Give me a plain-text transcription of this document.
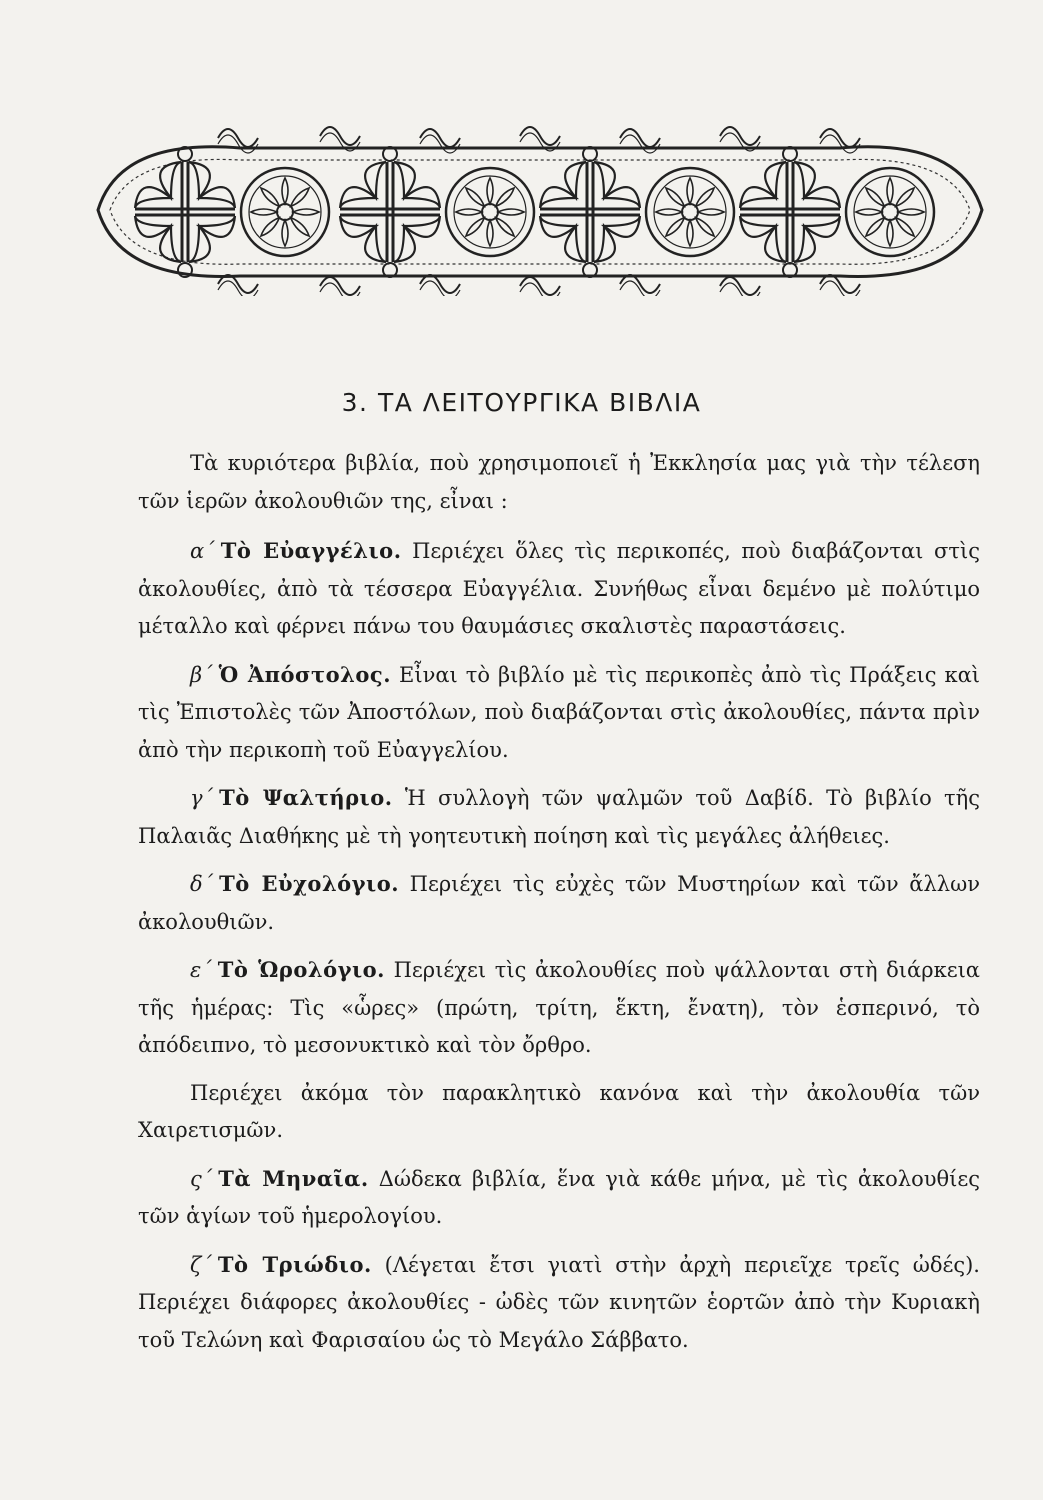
3. ΤΑ ΛΕΙΤΟΥΡΓΙΚΑ ΒΙΒΛΙΑ

Τὰ κυριότερα βιβλία, ποὺ χρησιμοποιεῖ ἡ Ἐκκλησία μας γιὰ τὴν τέλεση τῶν ἱερῶν ἀκολουθιῶν της, εἶναι :

α΄ Τὸ Εὐαγγέλιο. Περιέχει ὅλες τὶς περικοπές, ποὺ διαβάζονται στὶς ἀκολουθίες, ἀπὸ τὰ τέσσερα Εὐαγγέλια. Συνήθως εἶναι δεμένο μὲ πολύτιμο μέταλλο καὶ φέρνει πάνω του θαυμάσιες σκαλιστὲς παραστάσεις.

β΄ Ὁ Ἀπόστολος. Εἶναι τὸ βιβλίο μὲ τὶς περικοπὲς ἀπὸ τὶς Πράξεις καὶ τὶς Ἐπιστολὲς τῶν Ἀποστόλων, ποὺ διαβάζονται στὶς ἀκολουθίες, πάντα πρὶν ἀπὸ τὴν περικοπὴ τοῦ Εὐαγγελίου.

γ΄ Τὸ Ψαλτήριο. Ἡ συλλογὴ τῶν ψαλμῶν τοῦ Δαβίδ. Τὸ βιβλίο τῆς Παλαιᾶς Διαθήκης μὲ τὴ γοητευτικὴ ποίηση καὶ τὶς μεγάλες ἀλήθειες.

δ΄ Τὸ Εὐχολόγιο. Περιέχει τὶς εὐχὲς τῶν Μυστηρίων καὶ τῶν ἄλλων ἀκολουθιῶν.

ε΄ Τὸ Ὡρολόγιο. Περιέχει τὶς ἀκολουθίες ποὺ ψάλλονται στὴ διάρκεια τῆς ἡμέρας: Τὶς «ὧρες» (πρώτη, τρίτη, ἕκτη, ἔνατη), τὸν ἑσπερινό, τὸ ἀπόδειπνο, τὸ μεσονυκτικὸ καὶ τὸν ὄρθρο.

Περιέχει ἀκόμα τὸν παρακλητικὸ κανόνα καὶ τὴν ἀκολουθία τῶν Χαιρετισμῶν.

ς΄ Τὰ Μηναῖα. Δώδεκα βιβλία, ἕνα γιὰ κάθε μήνα, μὲ τὶς ἀκολουθίες τῶν ἁγίων τοῦ ἡμερολογίου.

ζ΄ Τὸ Τριώδιο. (Λέγεται ἔτσι γιατὶ στὴν ἀρχὴ περιεῖχε τρεῖς ὠδές). Περιέχει διάφορες ἀκολουθίες - ὠδὲς τῶν κινητῶν ἑορτῶν ἀπὸ τὴν Κυριακὴ τοῦ Τελώνη καὶ Φαρισαίου ὡς τὸ Μεγάλο Σάββατο.
